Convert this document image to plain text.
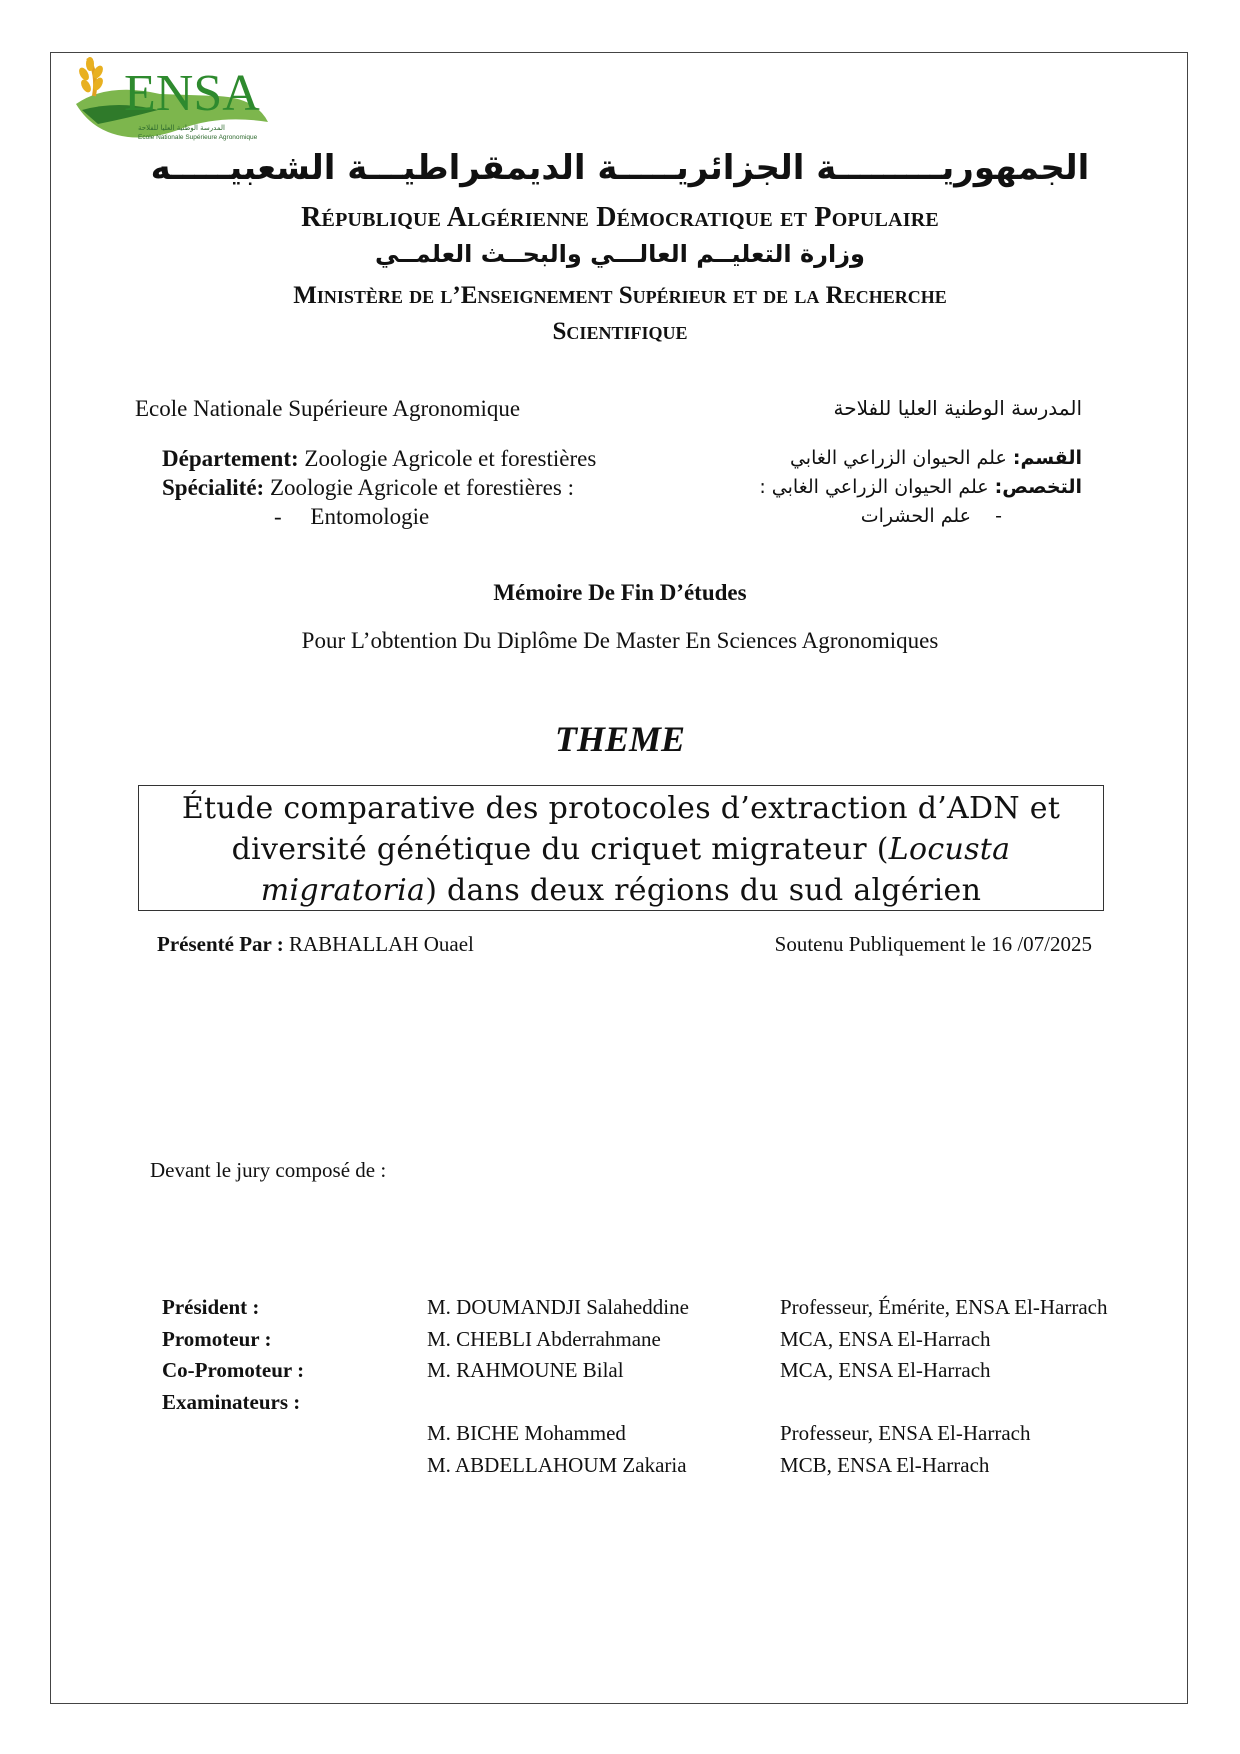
ENSA
المدرسة الوطنية العليا للفلاحة
Ecole Nationale Supérieure Agronomique
الجمهوريـــــــــة الجزائريـــــة الديمقراطيـــة الشعبيـــــه
République Algérienne Démocratique et Populaire
وزارة التعليــم العالـــي والبحــث العلمــي
Ministère de l’Enseignement Supérieur et de la Recherche
Scientifique
Ecole Nationale Supérieure Agronomique	المدرسة الوطنية العليا للفلاحة
Département: Zoologie Agricole et forestières
Spécialité: Zoologie Agricole et forestières :
-     Entomologie
القسم: علم الحيوان الزراعي الغابي
التخصص: علم الحيوان الزراعي الغابي :
-    علم الحشرات
Mémoire De Fin D’études
Pour L’obtention Du Diplôme De Master En Sciences Agronomiques
THEME
Étude comparative des protocoles d’extraction d’ADN et diversité génétique du criquet migrateur (Locusta migratoria) dans deux régions du sud algérien
Présenté Par : RABHALLAH Ouael	Soutenu Publiquement le 16 /07/2025
Devant le jury composé de :
Président :	M. DOUMANDJI Salaheddine	Professeur, Émérite, ENSA El-Harrach
Promoteur :	M. CHEBLI Abderrahmane	MCA, ENSA El-Harrach
Co-Promoteur :	M. RAHMOUNE Bilal	MCA, ENSA El-Harrach
Examinateurs :
M. BICHE Mohammed	Professeur, ENSA El-Harrach
M. ABDELLAHOUM Zakaria	MCB, ENSA El-Harrach
